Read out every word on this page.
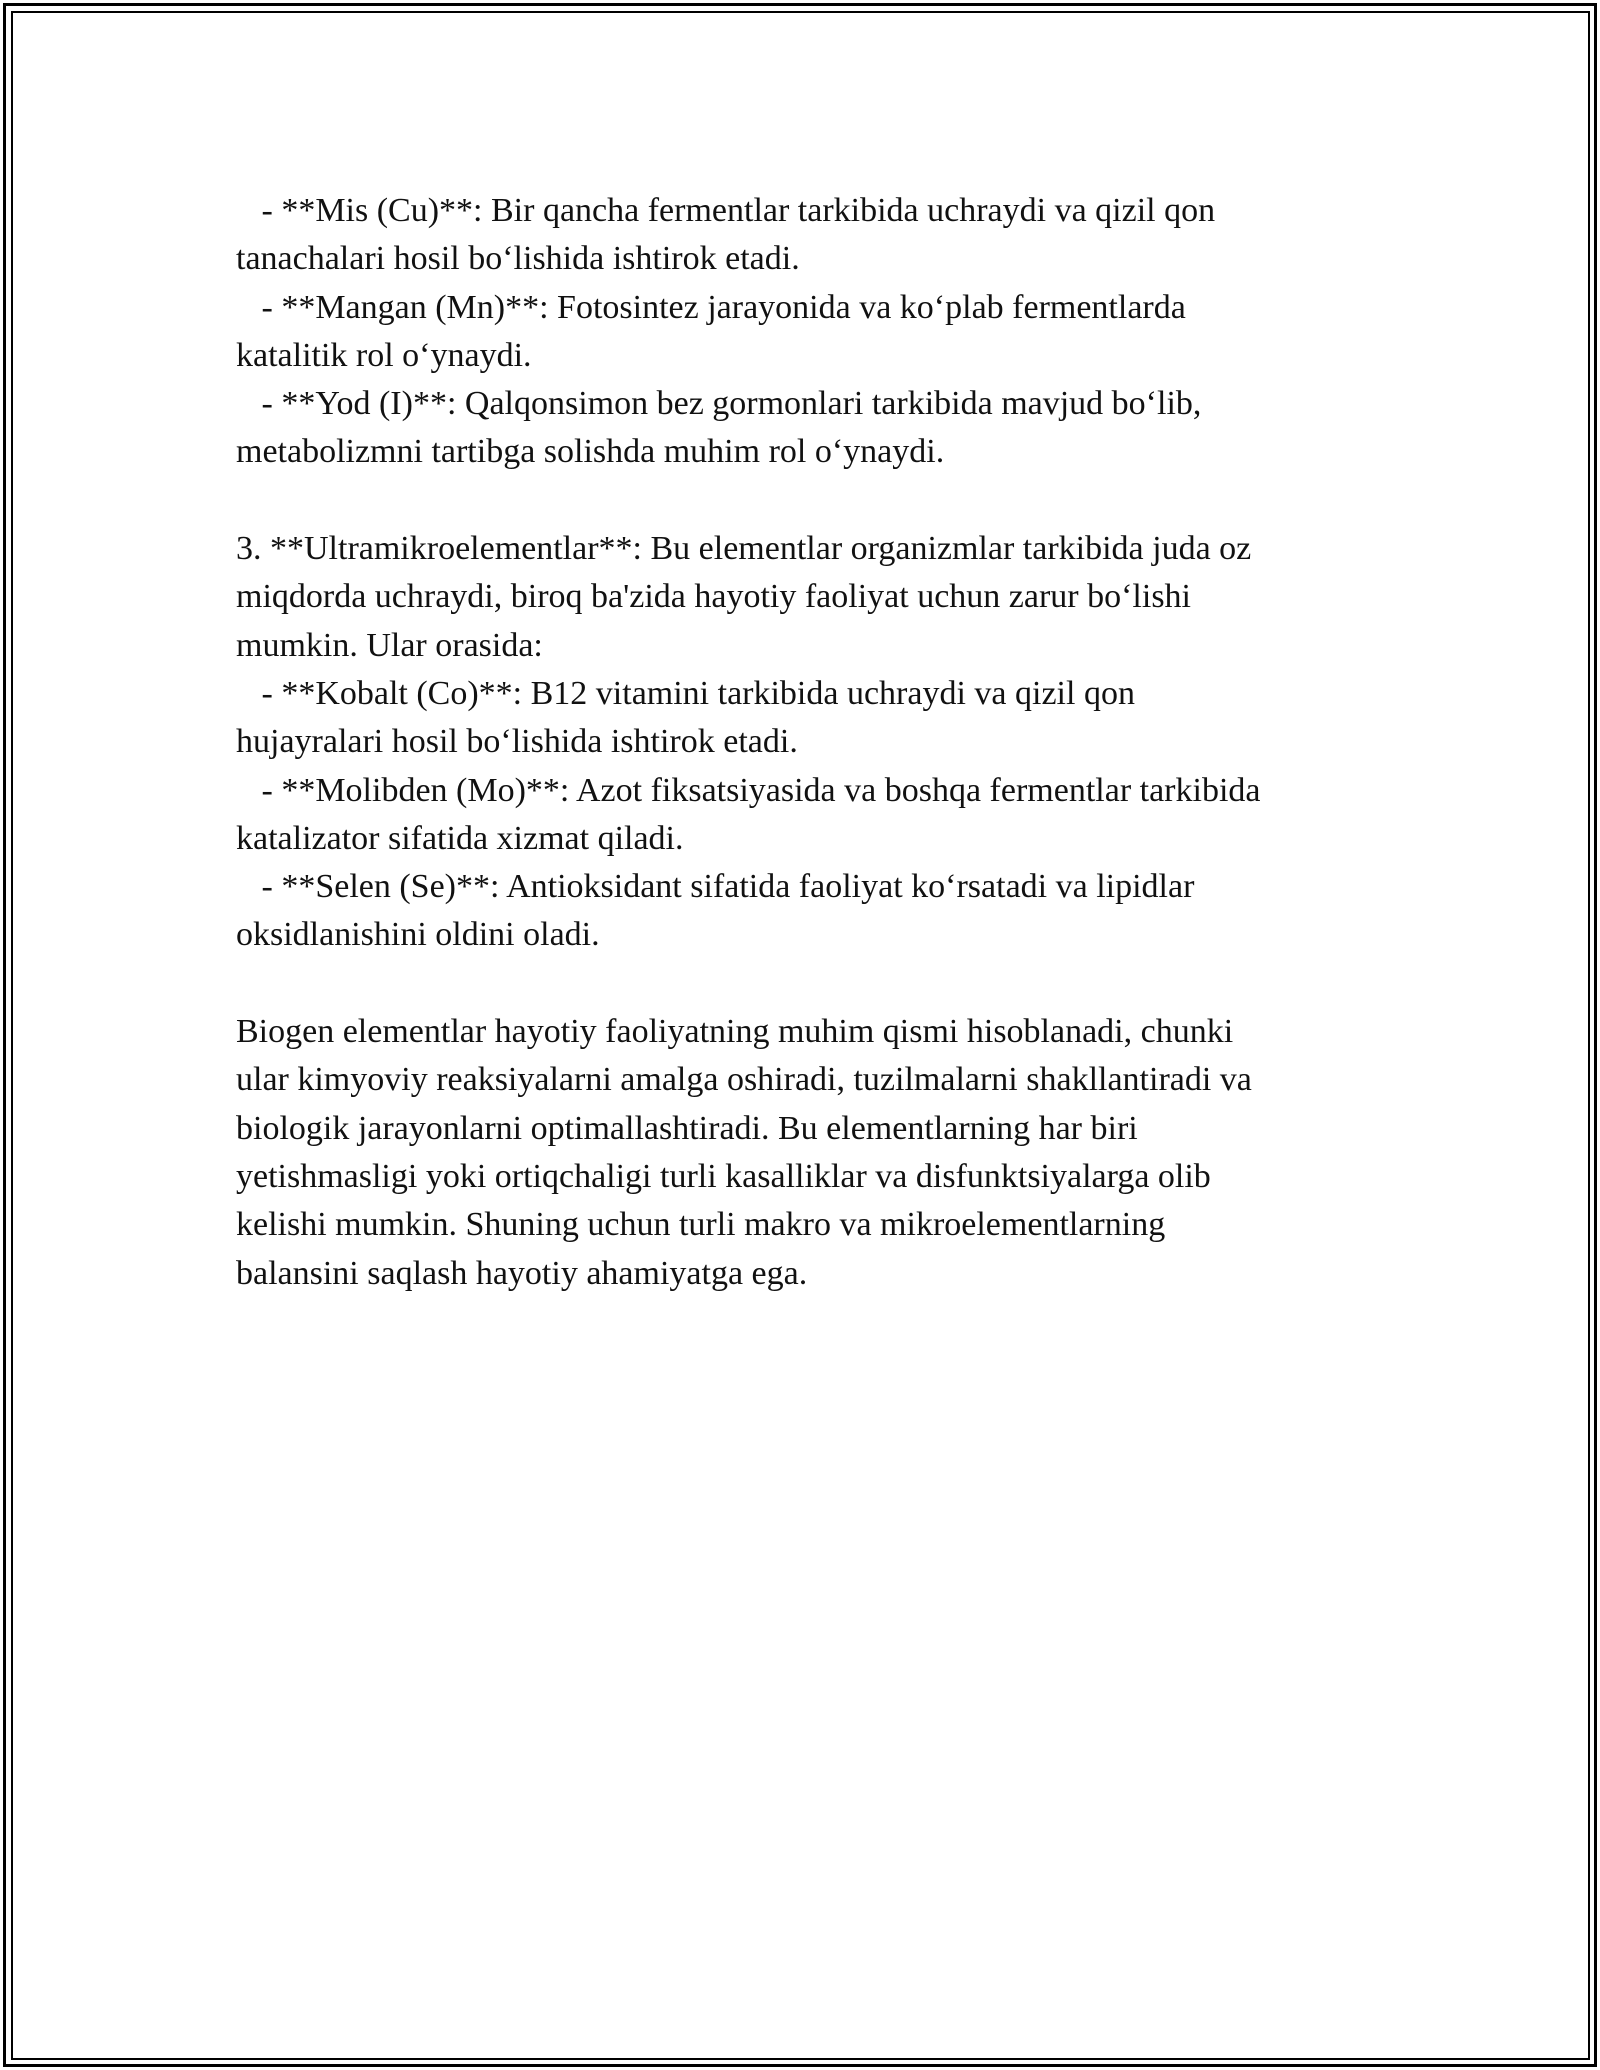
- **Mis (Cu)**: Bir qancha fermentlar tarkibida uchraydi va qizil qon
tanachalari hosil bo‘lishida ishtirok etadi.
- **Mangan (Mn)**: Fotosintez jarayonida va ko‘plab fermentlarda
katalitik rol o‘ynaydi.
- **Yod (I)**: Qalqonsimon bez gormonlari tarkibida mavjud bo‘lib,
metabolizmni tartibga solishda muhim rol o‘ynaydi.
3. **Ultramikroelementlar**: Bu elementlar organizmlar tarkibida juda oz
miqdorda uchraydi, biroq ba'zida hayotiy faoliyat uchun zarur bo‘lishi
mumkin. Ular orasida:
- **Kobalt (Co)**: B12 vitamini tarkibida uchraydi va qizil qon
hujayralari hosil bo‘lishida ishtirok etadi.
- **Molibden (Mo)**: Azot fiksatsiyasida va boshqa fermentlar tarkibida
katalizator sifatida xizmat qiladi.
- **Selen (Se)**: Antioksidant sifatida faoliyat ko‘rsatadi va lipidlar
oksidlanishini oldini oladi.
Biogen elementlar hayotiy faoliyatning muhim qismi hisoblanadi, chunki
ular kimyoviy reaksiyalarni amalga oshiradi, tuzilmalarni shakllantiradi va
biologik jarayonlarni optimallashtiradi. Bu elementlarning har biri
yetishmasligi yoki ortiqchaligi turli kasalliklar va disfunktsiyalarga olib
kelishi mumkin. Shuning uchun turli makro va mikroelementlarning
balansini saqlash hayotiy ahamiyatga ega.
